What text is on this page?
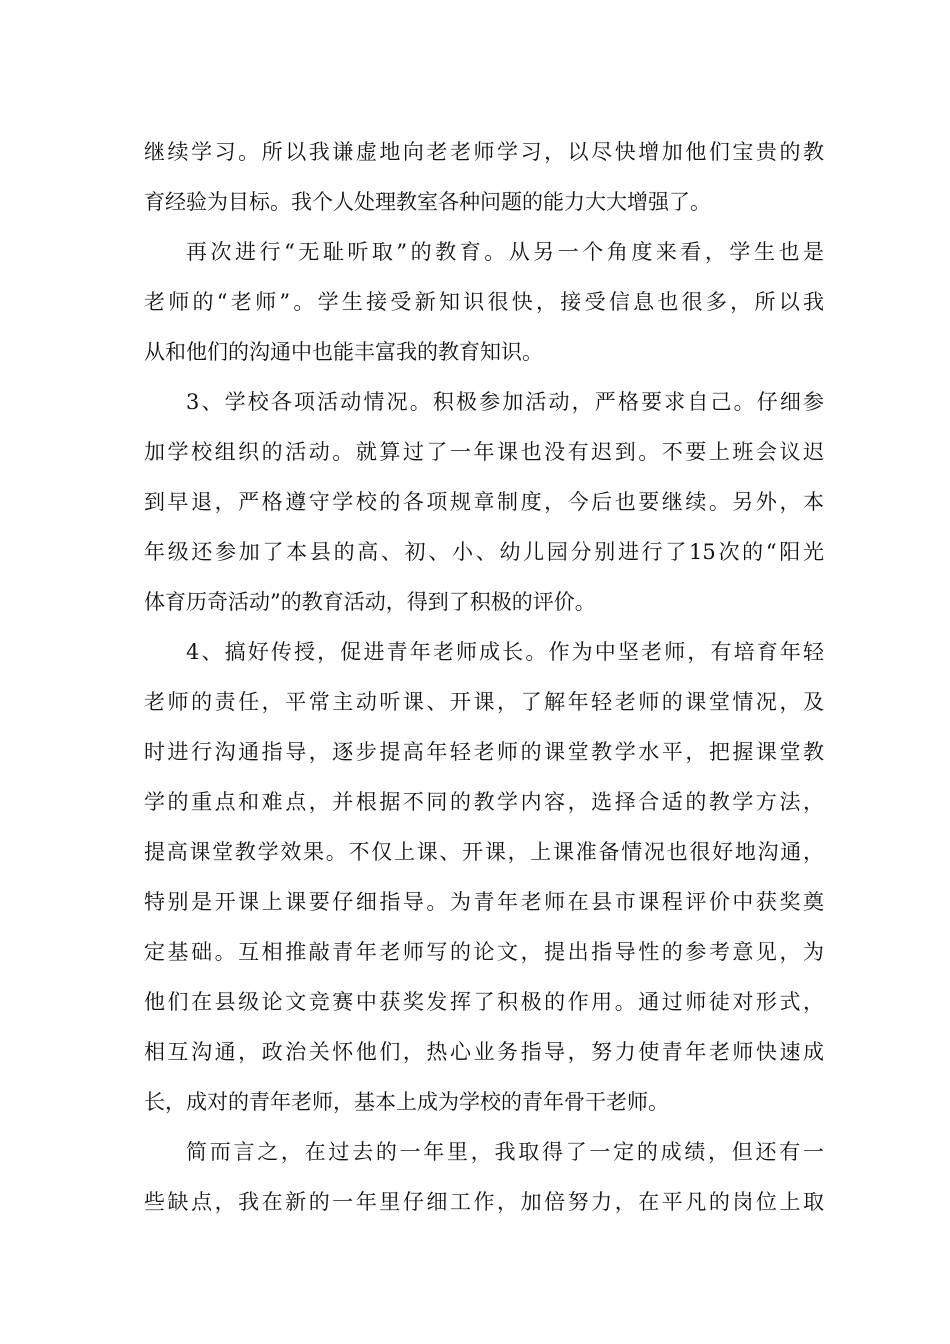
继续学习。所以我谦虚地向老老师学习，以尽快增加他们宝贵的教
育经验为目标。我个人处理教室各种问题的能力大大增强了。
再次进行“无耻听取”的教育。从另一个角度来看，学生也是
老师的“老师”。学生接受新知识很快，接受信息也很多，所以我
从和他们的沟通中也能丰富我的教育知识。
3、学校各项活动情况。积极参加活动，严格要求自己。仔细参
加学校组织的活动。就算过了一年课也没有迟到。不要上班会议迟
到早退，严格遵守学校的各项规章制度，今后也要继续。另外，本
年级还参加了本县的高、初、小、幼儿园分别进行了15次的“阳光
体育历奇活动”的教育活动，得到了积极的评价。
4、搞好传授，促进青年老师成长。作为中坚老师，有培育年轻
老师的责任，平常主动听课、开课，了解年轻老师的课堂情况，及
时进行沟通指导，逐步提高年轻老师的课堂教学水平，把握课堂教
学的重点和难点，并根据不同的教学内容，选择合适的教学方法，
提高课堂教学效果。不仅上课、开课，上课准备情况也很好地沟通，
特别是开课上课要仔细指导。为青年老师在县市课程评价中获奖奠
定基础。互相推敲青年老师写的论文，提出指导性的参考意见，为
他们在县级论文竞赛中获奖发挥了积极的作用。通过师徒对形式，
相互沟通，政治关怀他们，热心业务指导，努力使青年老师快速成
长，成对的青年老师，基本上成为学校的青年骨干老师。
简而言之，在过去的一年里，我取得了一定的成绩，但还有一
些缺点，我在新的一年里仔细工作，加倍努力，在平凡的岗位上取
